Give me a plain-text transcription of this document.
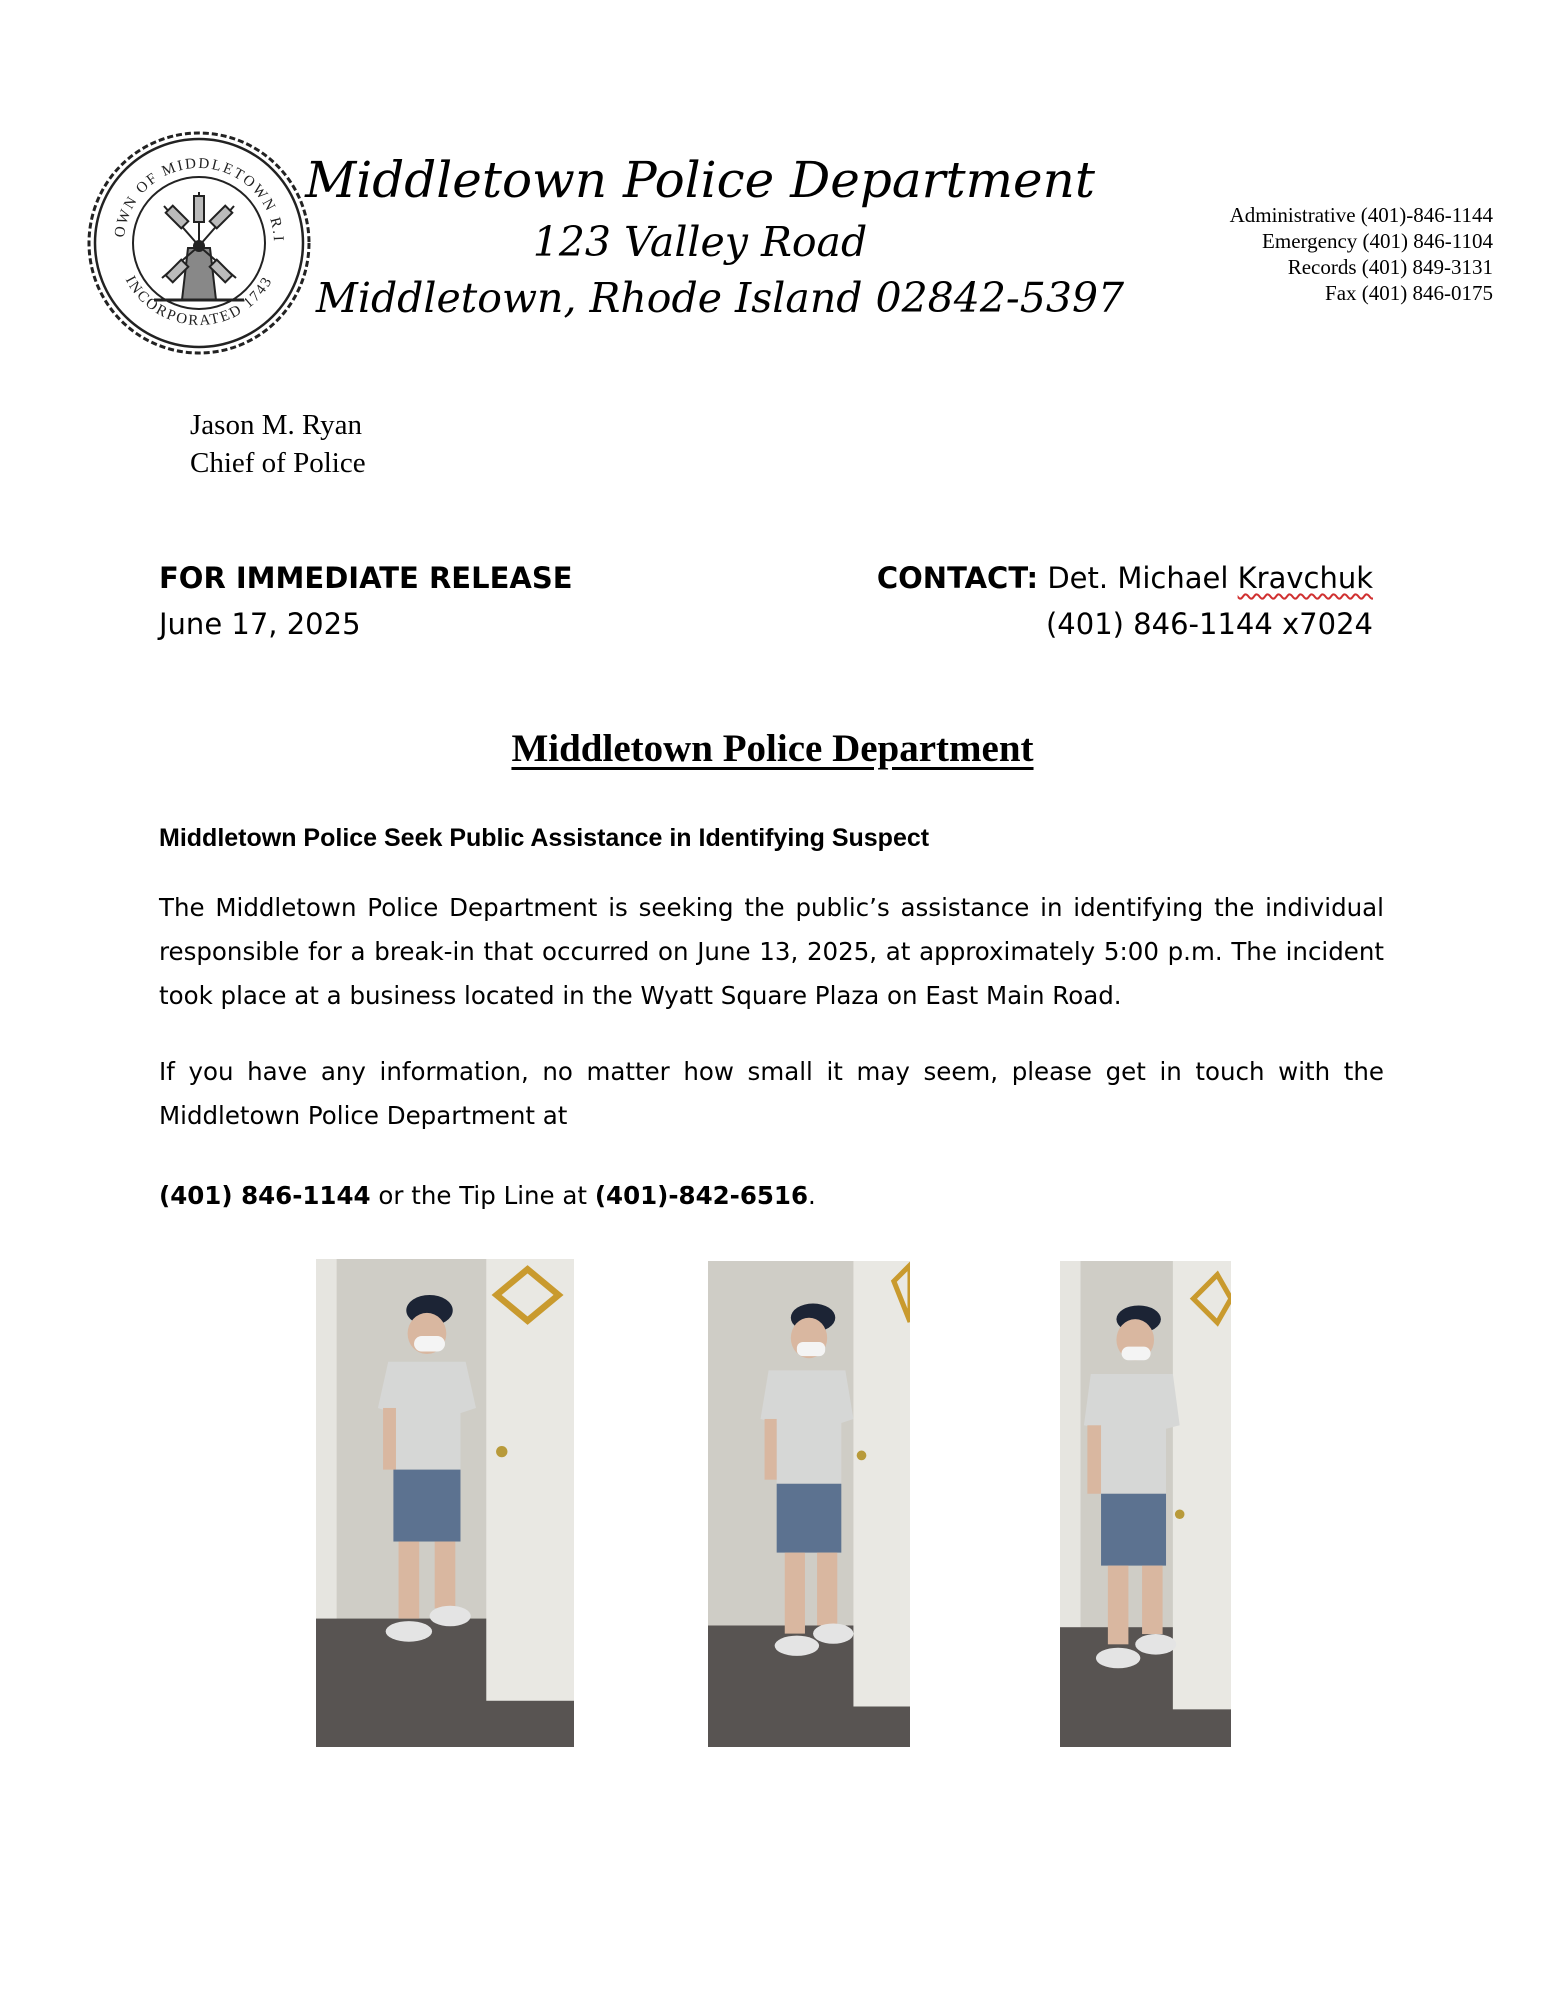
OWN OF MIDDLETOWN R.I
INCORPORATED 1743
Middletown Police Department
123 Valley Road
Middletown, Rhode Island 02842-5397
Administrative (401)-846-1144
Emergency (401) 846-1104
Records (401) 849-3131
Fax (401) 846-0175
Jason M. Ryan
Chief of Police
FOR IMMEDIATE RELEASE
June 17, 2025
CONTACT: Det. Michael Kravchuk
(401) 846-1144 x7024
Middletown Police Department
Middletown Police Seek Public Assistance in Identifying Suspect
The Middletown Police Department is seeking the public’s assistance in identifying the individual responsible for a break-in that occurred on June 13, 2025, at approximately 5:00 p.m. The incident took place at a business located in the Wyatt Square Plaza on East Main Road.
If you have any information, no matter how small it may seem, please get in touch with the Middletown Police Department at
(401) 846-1144 or the Tip Line at (401)-842-6516.
